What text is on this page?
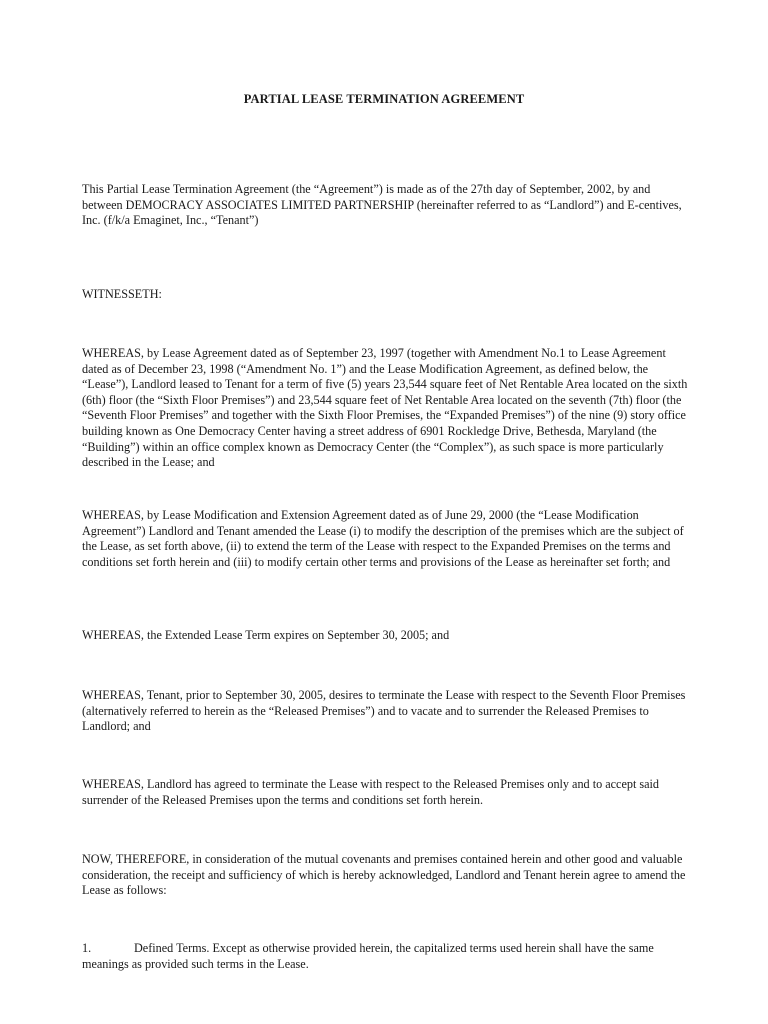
PARTIAL LEASE TERMINATION AGREEMENT

This Partial Lease Termination Agreement (the “Agreement”) is made as of the 27th day of September, 2002, by and between DEMOCRACY ASSOCIATES LIMITED PARTNERSHIP (hereinafter referred to as “Landlord”) and E-centives, Inc. (f/k/a Emaginet, Inc., “Tenant”)

WITNESSETH:

WHEREAS, by Lease Agreement dated as of September 23, 1997 (together with Amendment No.1 to Lease Agreement dated as of December 23, 1998 (“Amendment No. 1”) and the Lease Modification Agreement, as defined below, the “Lease”), Landlord leased to Tenant for a term of five (5) years 23,544 square feet of Net Rentable Area located on the sixth (6th) floor (the “Sixth Floor Premises”) and 23,544 square feet of Net Rentable Area located on the seventh (7th) floor (the “Seventh Floor Premises” and together with the Sixth Floor Premises, the “Expanded Premises”) of the nine (9) story office building known as One Democracy Center having a street address of 6901 Rockledge Drive, Bethesda, Maryland (the “Building”) within an office complex known as Democracy Center (the “Complex”), as such space is more particularly described in the Lease; and

WHEREAS, by Lease Modification and Extension Agreement dated as of June 29, 2000 (the “Lease Modification Agreement”) Landlord and Tenant amended the Lease (i) to modify the description of the premises which are the subject of the Lease, as set forth above, (ii) to extend the term of the Lease with respect to the Expanded Premises on the terms and conditions set forth herein and (iii) to modify certain other terms and provisions of the Lease as hereinafter set forth; and

WHEREAS, the Extended Lease Term expires on September 30, 2005; and

WHEREAS, Tenant, prior to September 30, 2005, desires to terminate the Lease with respect to the Seventh Floor Premises (alternatively referred to herein as the “Released Premises”) and to vacate and to surrender the Released Premises to Landlord; and

WHEREAS, Landlord has agreed to terminate the Lease with respect to the Released Premises only and to accept said surrender of the Released Premises upon the terms and conditions set forth herein.

NOW, THEREFORE, in consideration of the mutual covenants and premises contained herein and other good and valuable consideration, the receipt and sufficiency of which is hereby acknowledged, Landlord and Tenant herein agree to amend the Lease as follows:

1.	Defined Terms. Except as otherwise provided herein, the capitalized terms used herein shall have the same meanings as provided such terms in the Lease.
